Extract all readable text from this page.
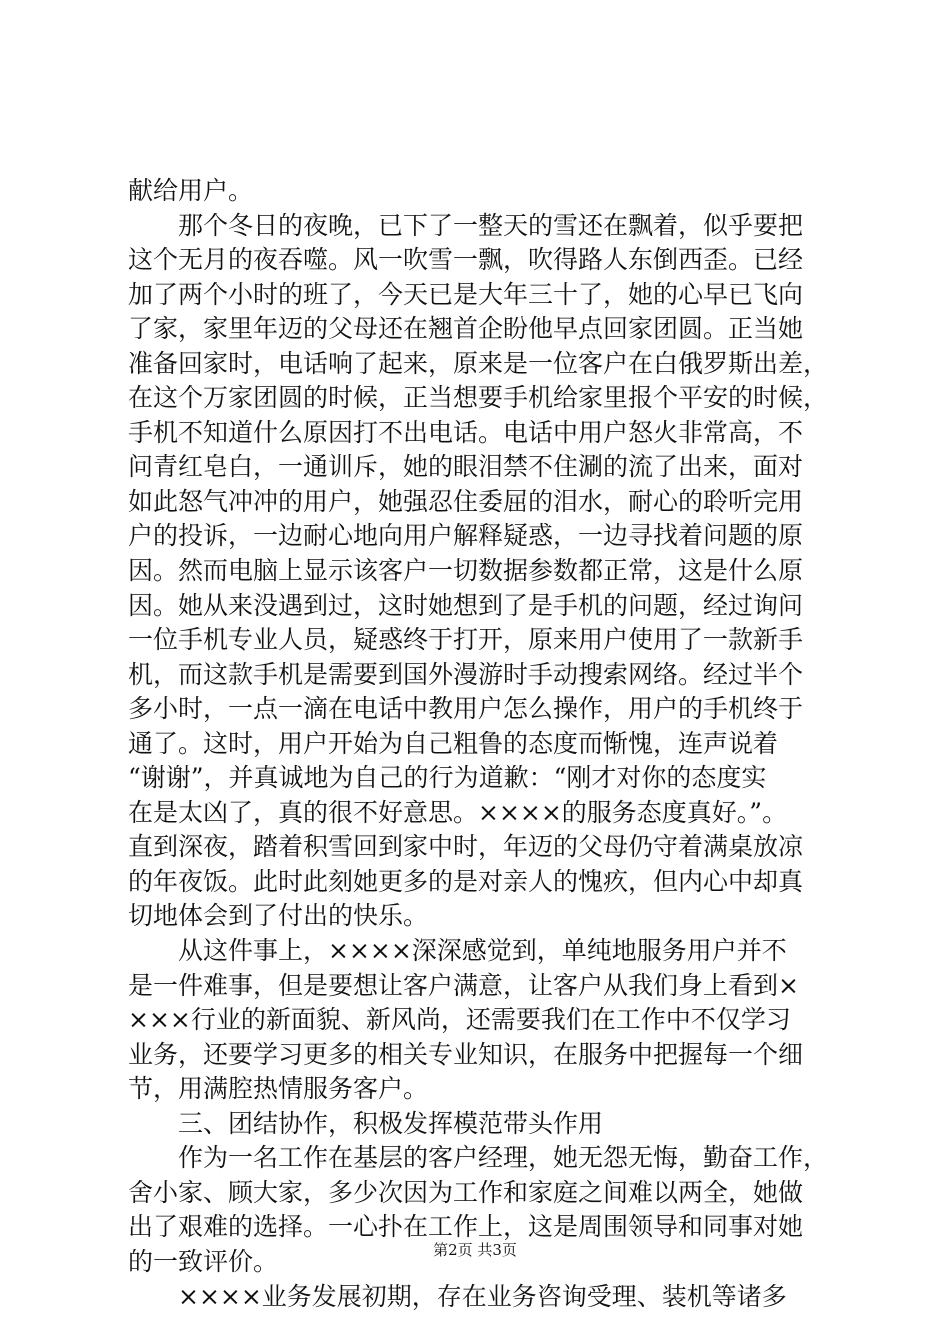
献给用户。
　　那个冬日的夜晚，已下了一整天的雪还在飘着，似乎要把
这个无月的夜吞噬。风一吹雪一飘，吹得路人东倒西歪。已经
加了两个小时的班了，今天已是大年三十了，她的心早已飞向
了家，家里年迈的父母还在翘首企盼他早点回家团圆。正当她
准备回家时，电话响了起来，原来是一位客户在白俄罗斯出差，
在这个万家团圆的时候，正当想要手机给家里报个平安的时候，
手机不知道什么原因打不出电话。电话中用户怒火非常高，不
问青红皂白，一通训斥，她的眼泪禁不住涮的流了出来，面对
如此怒气冲冲的用户，她强忍住委屈的泪水，耐心的聆听完用
户的投诉，一边耐心地向用户解释疑惑，一边寻找着问题的原
因。然而电脑上显示该客户一切数据参数都正常，这是什么原
因。她从来没遇到过，这时她想到了是手机的问题，经过询问
一位手机专业人员，疑惑终于打开，原来用户使用了一款新手
机，而这款手机是需要到国外漫游时手动搜索网络。经过半个
多小时，一点一滴在电话中教用户怎么操作，用户的手机终于
通了。这时，用户开始为自己粗鲁的态度而惭愧，连声说着
“谢谢”，并真诚地为自己的行为道歉：“刚才对你的态度实
在是太凶了，真的很不好意思。××××的服务态度真好。”。
直到深夜，踏着积雪回到家中时，年迈的父母仍守着满桌放凉
的年夜饭。此时此刻她更多的是对亲人的愧疚，但内心中却真
切地体会到了付出的快乐。
　　从这件事上，××××深深感觉到，单纯地服务用户并不
是一件难事，但是要想让客户满意，让客户从我们身上看到×
×××行业的新面貌、新风尚，还需要我们在工作中不仅学习
业务，还要学习更多的相关专业知识，在服务中把握每一个细
节，用满腔热情服务客户。
　　三、团结协作，积极发挥模范带头作用
　　作为一名工作在基层的客户经理，她无怨无悔，勤奋工作，
舍小家、顾大家，多少次因为工作和家庭之间难以两全，她做
出了艰难的选择。一心扑在工作上，这是周围领导和同事对她
的一致评价。
　　××××业务发展初期，存在业务咨询受理、装机等诸多
第2页 共3页
